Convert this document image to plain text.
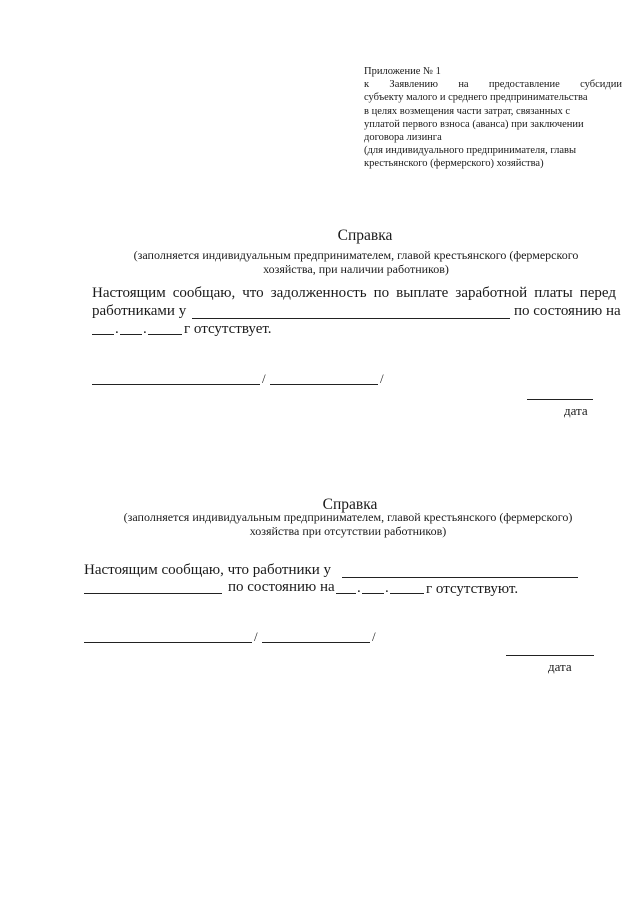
Приложение № 1
к Заявлению на предоставление субсидии
субъекту малого и среднего предпринимательства
в целях возмещения части затрат, связанных с
уплатой первого взноса (аванса) при заключении
договора лизинга
(для индивидуального предпринимателя, главы
крестьянского (фермерского) хозяйства)
Справка
(заполняется индивидуальным предпринимателем, главой крестьянского (фермерского
хозяйства, при наличии работников)
Настоящим сообщаю, что задолженность по выплате заработной платы перед
работниками у	по состоянию на
. . г отсутствует.
/	/
дата
Справка
(заполняется индивидуальным предпринимателем, главой крестьянского (фермерского)
хозяйства при отсутствии работников)
Настоящим сообщаю, что работники у
по состоянию на . . г отсутствуют.
/	/
дата
